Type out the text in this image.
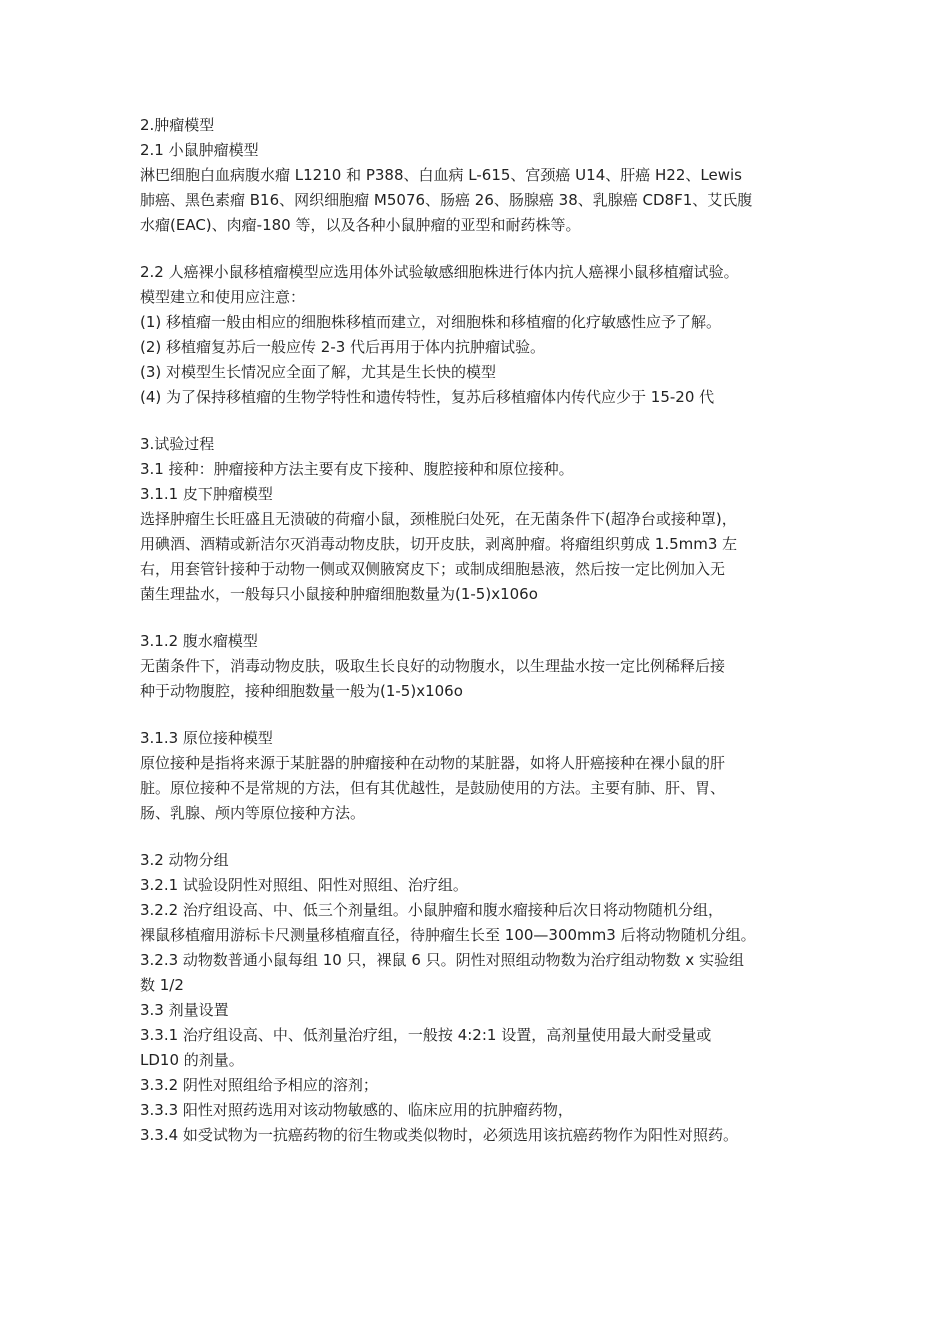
2.肿瘤模型

2.1 小鼠肿瘤模型

淋巴细胞白血病腹水瘤 L1210 和 P388、白血病 L-615、宫颈癌 U14、肝癌 H22、Lewis

肺癌、黑色素瘤 B16、网织细胞瘤 M5076、肠癌 26、肠腺癌 38、乳腺癌 CD8F1、艾氏腹

水瘤(EAC)、肉瘤-180 等，以及各种小鼠肿瘤的亚型和耐药株等。

2.2 人癌裸小鼠移植瘤模型应选用体外试验敏感细胞株进行体内抗人癌裸小鼠移植瘤试验。

模型建立和使用应注意：

(1) 移植瘤一般由相应的细胞株移植而建立，对细胞株和移植瘤的化疗敏感性应予了解。

(2) 移植瘤复苏后一般应传 2-3 代后再用于体内抗肿瘤试验。

(3) 对模型生长情况应全面了解，尤其是生长快的模型

(4) 为了保持移植瘤的生物学特性和遗传特性，复苏后移植瘤体内传代应少于 15-20 代

3.试验过程

3.1 接种：肿瘤接种方法主要有皮下接种、腹腔接种和原位接种。

3.1.1 皮下肿瘤模型

选择肿瘤生长旺盛且无溃破的荷瘤小鼠，颈椎脱臼处死，在无菌条件下(超净台或接种罩)，

用碘酒、酒精或新洁尔灭消毒动物皮肤，切开皮肤，剥离肿瘤。将瘤组织剪成 1.5mm3 左

右，用套管针接种于动物一侧或双侧腋窝皮下；或制成细胞悬液，然后按一定比例加入无

菌生理盐水，一般每只小鼠接种肿瘤细胞数量为(1-5)x106o

3.1.2 腹水瘤模型

无菌条件下，消毒动物皮肤，吸取生长良好的动物腹水，以生理盐水按一定比例稀释后接

种于动物腹腔，接种细胞数量一般为(1-5)x106o

3.1.3 原位接种模型

原位接种是指将来源于某脏器的肿瘤接种在动物的某脏器，如将人肝癌接种在裸小鼠的肝

脏。原位接种不是常规的方法，但有其优越性，是鼓励使用的方法。主要有肺、肝、胃、

肠、乳腺、颅内等原位接种方法。

3.2 动物分组

3.2.1 试验设阴性对照组、阳性对照组、治疗组。

3.2.2 治疗组设高、中、低三个剂量组。小鼠肿瘤和腹水瘤接种后次日将动物随机分组，

裸鼠移植瘤用游标卡尺测量移植瘤直径，待肿瘤生长至 100—300mm3 后将动物随机分组。

3.2.3 动物数普通小鼠每组 10 只，裸鼠 6 只。阴性对照组动物数为治疗组动物数 x 实验组

数 1/2

3.3 剂量设置

3.3.1 治疗组设高、中、低剂量治疗组，一般按 4:2:1 设置，高剂量使用最大耐受量或

LD10 的剂量。

3.3.2 阴性对照组给予相应的溶剂；

3.3.3 阳性对照药选用对该动物敏感的、临床应用的抗肿瘤药物，

3.3.4 如受试物为一抗癌药物的衍生物或类似物时，必须选用该抗癌药物作为阳性对照药。
